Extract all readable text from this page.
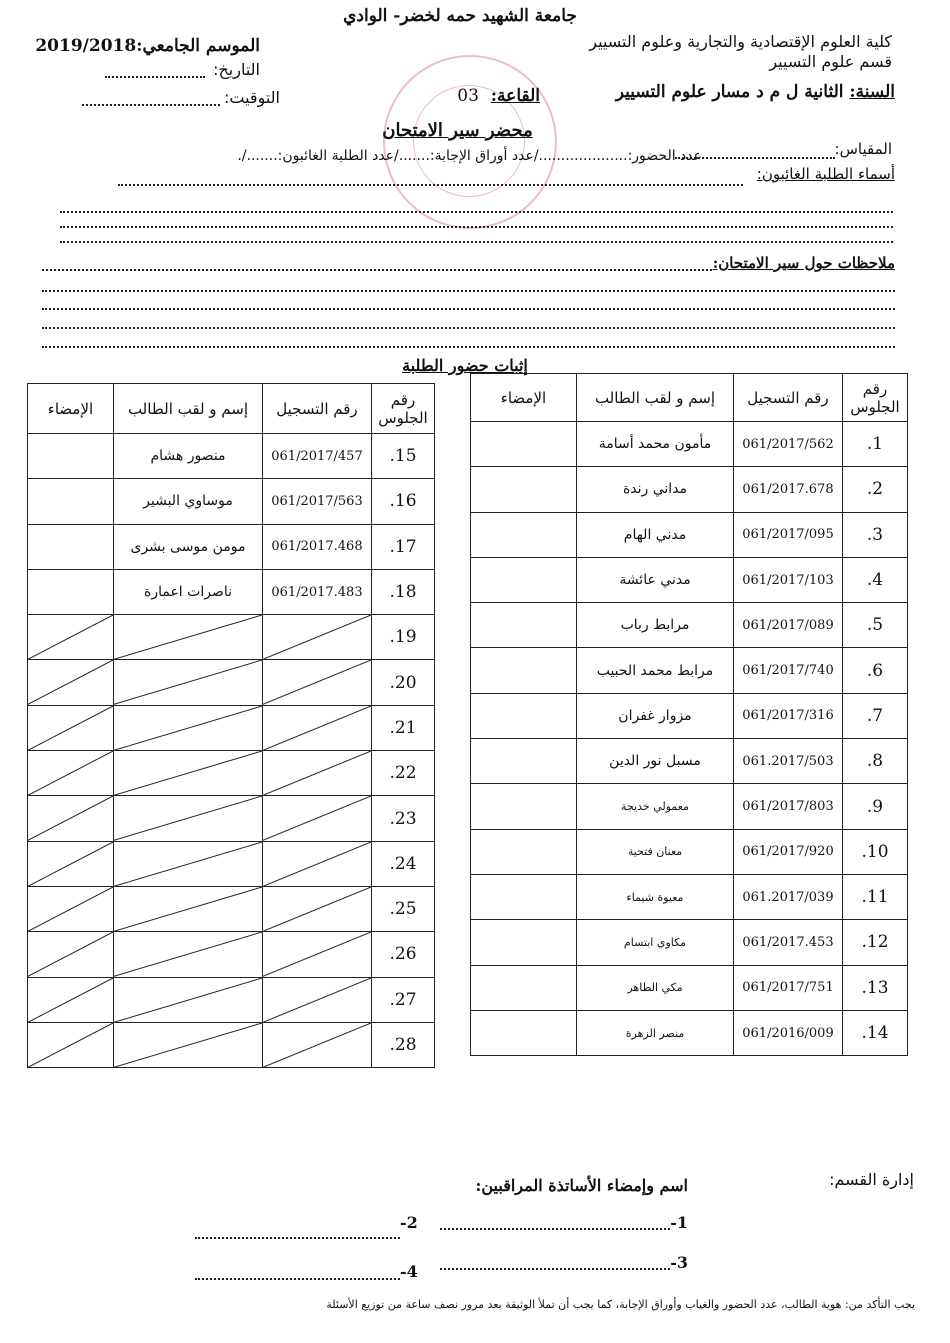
جامعة الشهيد حمه لخضر- الوادي
كلية العلوم الإقتصادية والتجارية وعلوم التسيير
قسم علوم التسيير
الموسم الجامعي:2019/2018
التاريخ:
التوقيت:	السنة: الثانية ل م د مسار علوم التسيير
القاعة:  03
محضر سير الامتحان
المقياس:
عدد الحضور:..................../عدد أوراق الإجابة:......./عدد الطلبة الغائبون:......./.
أسماء الطلبة الغائبون:
ملاحظات حول سير الامتحان:
إثبات حضور الطلبة
رقم الجلوس	رقم التسجيل	إسم و لقب الطالب	الإمضاء
1.	061/2017/562	مأمون محمد أسامة	
2.	061/2017.678	مداني رندة	
3.	061/2017/095	مدني الهام	
4.	061/2017/103	مدني عائشة	
5.	061/2017/089	مرابط رباب	
6.	061/2017/740	مرابط محمد الحبيب	
7.	061/2017/316	مزوار غفران	
8.	061.2017/503	مسبل نور الدين	
9.	061/2017/803	معمولي خديجة	
10.	061/2017/920	معنان فتحية	
11.	061.2017/039	معيوة شيماء	
12.	061/2017.453	مكاوي ابتسام	
13.	061/2017/751	مكي الطاهر	
14.	061/2016/009	منصر الزهرة	
رقم الجلوس	رقم التسجيل	إسم و لقب الطالب	الإمضاء
15.	061/2017/457	منصور هشام	
16.	061/2017/563	موساوي البشير	
17.	061/2017.468	مومن موسى بشرى	
18.	061/2017.483	ناصرات اعمارة	
19.	

20.	

21.	

22.	

23.	

24.	

25.	

26.	

27.	

28.	

إدارة القسم:
اسم وإمضاء الأساتذة المراقبين:
1-
-2
3-
-4
يجب التأكد من: هوية الطالب، عدد الحضور والغياب وأوراق الإجابة، كما يجب أن تملأ الوثيقة بعد مرور نصف ساعة من توزيع الأسئلة
